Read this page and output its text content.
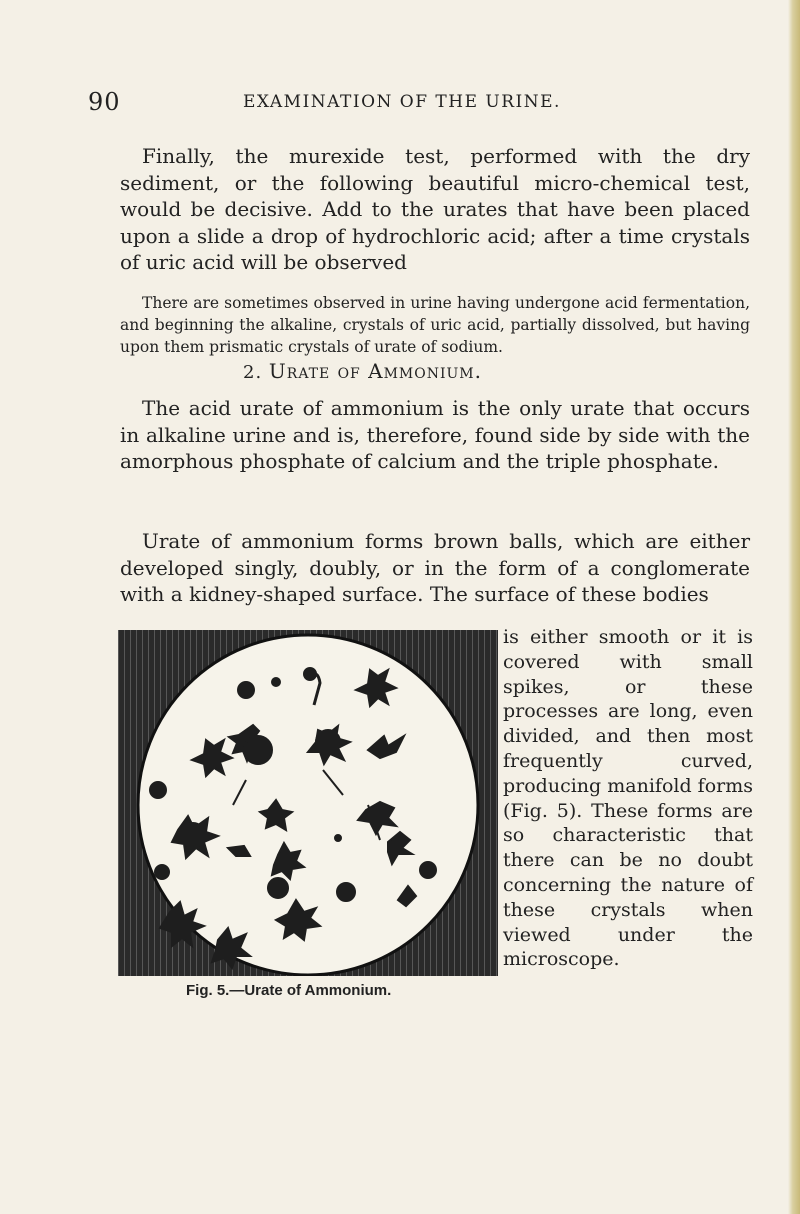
90	EXAMINATION OF THE URINE.
Finally, the murexide test, performed with the dry sediment, or the following beautiful micro-chemical test, would be decisive. Add to the urates that have been placed upon a slide a drop of hydrochloric acid; after a time crystals of uric acid will be observed
There are sometimes observed in urine having undergone acid fermentation, and beginning the alkaline, crystals of uric acid, partially dissolved, but having upon them prismatic crystals of urate of sodium.
2. Urate of Ammonium.
The acid urate of ammonium is the only urate that occurs in alkaline urine and is, therefore, found side by side with the amorphous phosphate of calcium and the triple phosphate.
Urate of ammonium forms brown balls, which are either developed singly, doubly, or in the form of a conglomerate with a kidney-shaped surface. The surface of these bodies
is either smooth or it is covered with small spikes, or these processes are long, even divided, and then most frequently curved, producing manifold forms (Fig. 5). These forms are so characteristic that there can be no doubt concerning the nature of these crystals when viewed under the microscope.
Fig. 5.—Urate of Ammonium.
